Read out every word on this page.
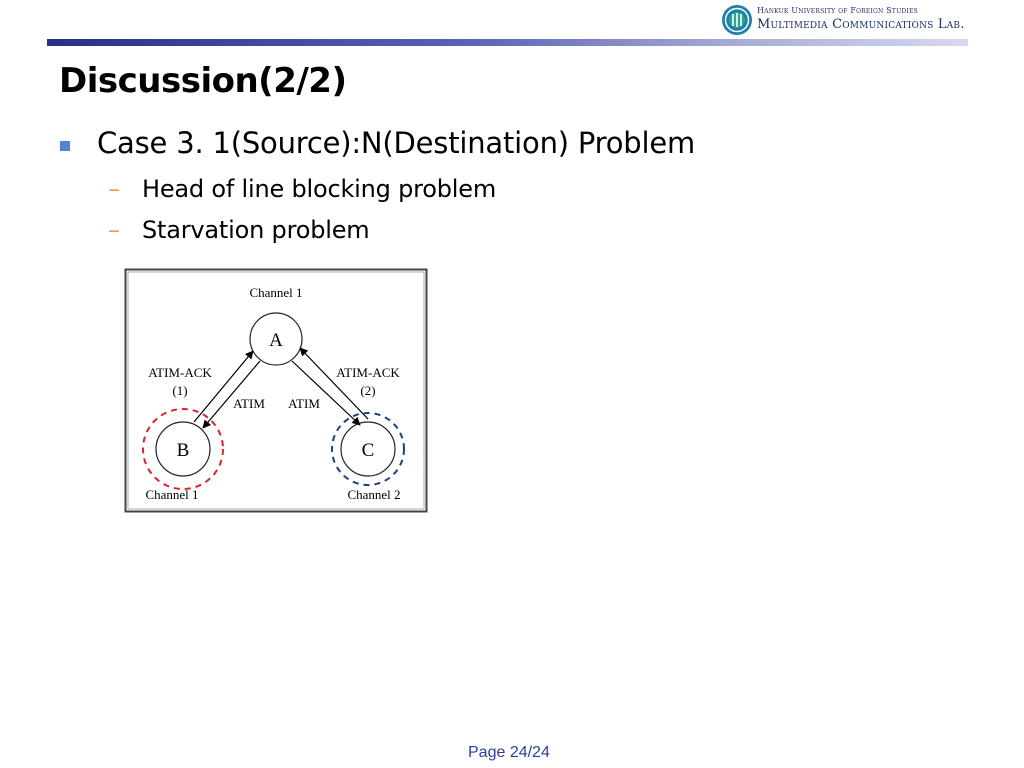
Hankuk University of Foreign Studies
Multimedia Communications Lab.
Discussion(2/2)
Case 3. 1(Source):N(Destination) Problem
– Head of line blocking problem
– Starvation problem
Channel 1
A
B	C
ATIM-ACK
(1)
ATIM-ACK
(2)
ATIM ATIM
Channel 1	Channel 2
Page 24/24
